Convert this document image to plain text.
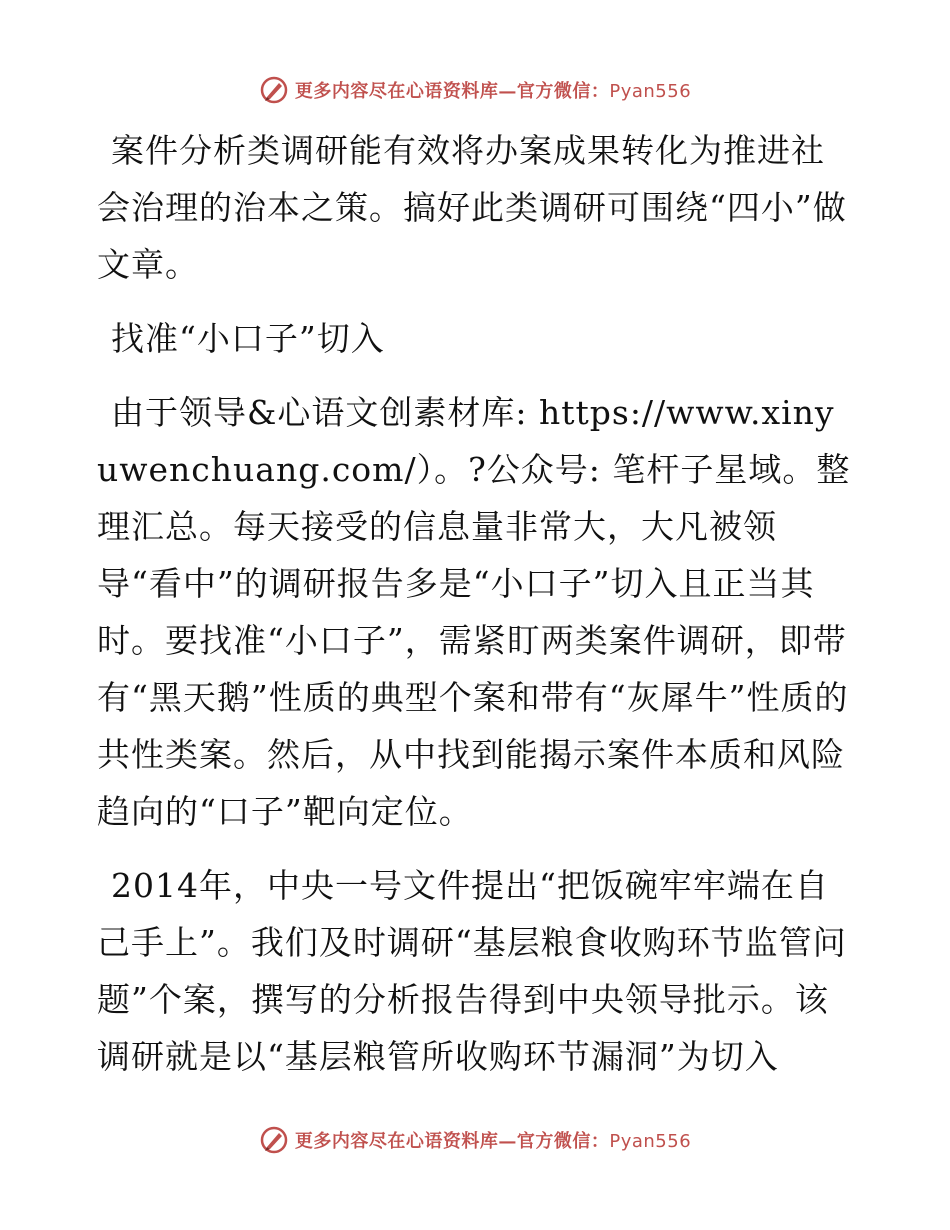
更多内容尽在心语资料库—官方微信：Pyan556

案件分析类调研能有效将办案成果转化为推进社会治理的治本之策。搞好此类调研可围绕“四小”做文章。

找准“小口子”切入

由于领导&心语文创素材库: https://www.xinyuwenchuang.com/）。?公众号: 笔杆子星域。整理汇总。每天接受的信息量非常大，大凡被领导“看中”的调研报告多是“小口子”切入且正当其时。要找准“小口子”，需紧盯两类案件调研，即带有“黑天鹅”性质的典型个案和带有“灰犀牛”性质的共性类案。然后，从中找到能揭示案件本质和风险趋向的“口子”靶向定位。

2014年，中央一号文件提出“把饭碗牢牢端在自己手上”。我们及时调研“基层粮食收购环节监管问题”个案，撰写的分析报告得到中央领导批示。该调研就是以“基层粮管所收购环节漏洞”为切入

更多内容尽在心语资料库—官方微信：Pyan556
